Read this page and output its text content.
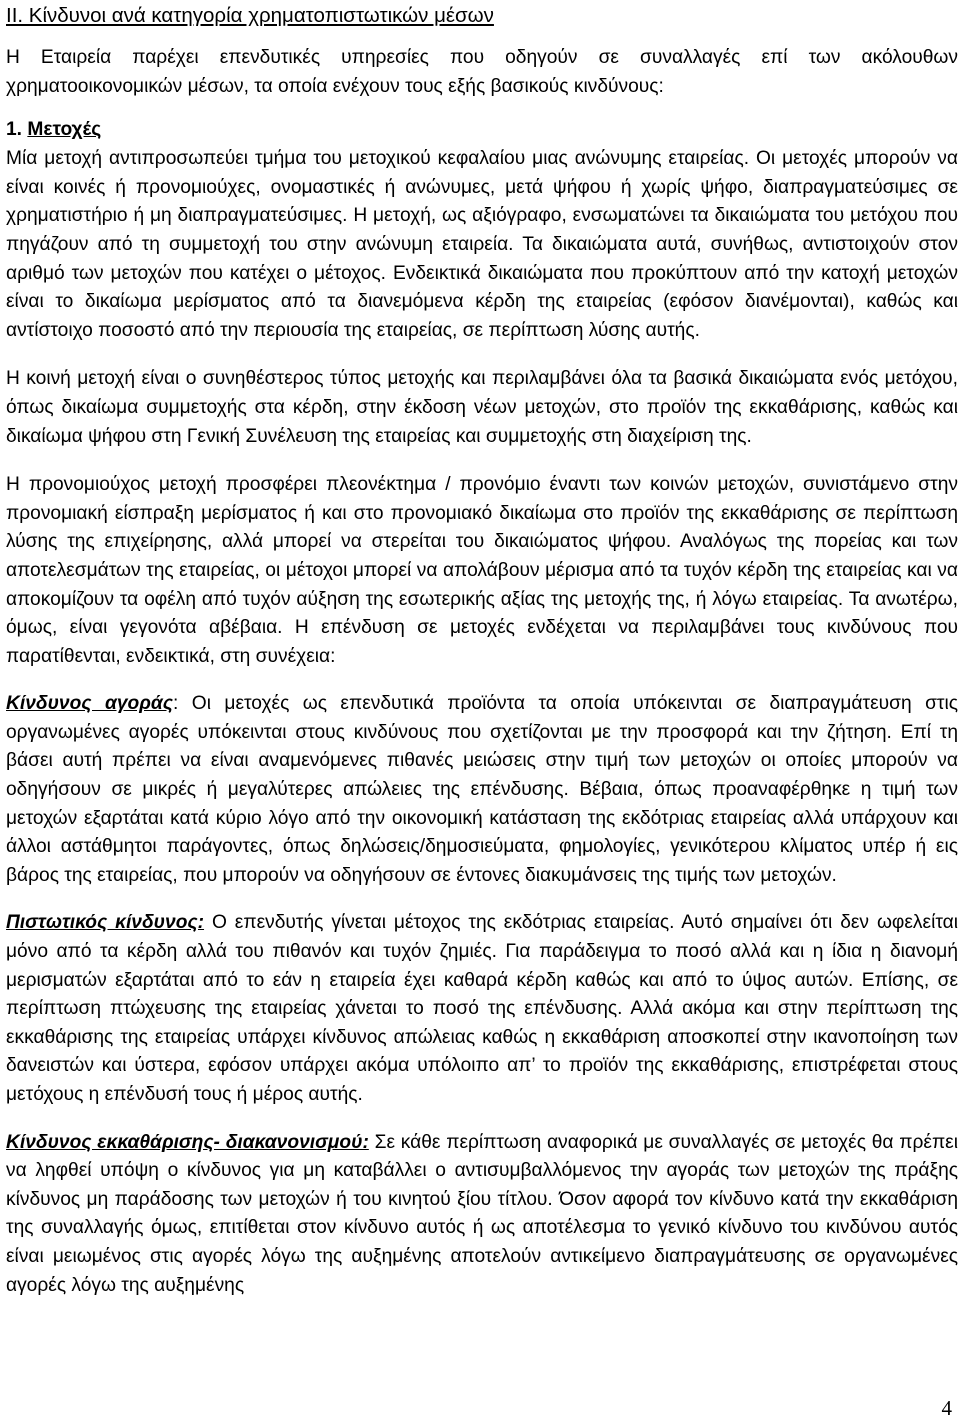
ΙΙ. Κίνδυνοι ανά κατηγορία χρηματοπιστωτικών μέσων

Η Εταιρεία παρέχει επενδυτικές υπηρεσίες που οδηγούν σε συναλλαγές επί των ακόλουθων χρηματοοικονομικών μέσων, τα οποία ενέχουν τους εξής βασικούς κινδύνους:

1. Μετοχές

Μία μετοχή αντιπροσωπεύει τμήμα του μετοχικού κεφαλαίου μιας ανώνυμης εταιρείας. Οι μετοχές μπορούν να είναι κοινές ή προνομιούχες, ονομαστικές ή ανώνυμες, μετά ψήφου ή χωρίς ψήφο, διαπραγματεύσιμες σε χρηματιστήριο ή μη διαπραγματεύσιμες. Η μετοχή, ως αξιόγραφο, ενσωματώνει τα δικαιώματα του μετόχου που πηγάζουν από τη συμμετοχή του στην ανώνυμη εταιρεία. Τα δικαιώματα αυτά, συνήθως, αντιστοιχούν στον αριθμό των μετοχών που κατέχει ο μέτοχος. Ενδεικτικά δικαιώματα που προκύπτουν από την κατοχή μετοχών είναι το δικαίωμα μερίσματος από τα διανεμόμενα κέρδη της εταιρείας (εφόσον διανέμονται), καθώς και αντίστοιχο ποσοστό από την περιουσία της εταιρείας, σε περίπτωση λύσης αυτής.

Η κοινή μετοχή είναι ο συνηθέστερος τύπος μετοχής και περιλαμβάνει όλα τα βασικά δικαιώματα ενός μετόχου, όπως δικαίωμα συμμετοχής στα κέρδη, στην έκδοση νέων μετοχών, στο προϊόν της εκκαθάρισης, καθώς και δικαίωμα ψήφου στη Γενική Συνέλευση της εταιρείας και συμμετοχής στη διαχείριση της.

Η προνομιούχος μετοχή προσφέρει πλεονέκτημα / προνόμιο έναντι των κοινών μετοχών, συνιστάμενο στην προνομιακή είσπραξη μερίσματος ή και στο προνομιακό δικαίωμα στο προϊόν της εκκαθάρισης σε περίπτωση λύσης της επιχείρησης, αλλά μπορεί να στερείται του δικαιώματος ψήφου. Αναλόγως της πορείας και των αποτελεσμάτων της εταιρείας, οι μέτοχοι μπορεί να απολάβουν μέρισμα από τα τυχόν κέρδη της εταιρείας και να αποκομίζουν τα οφέλη από τυχόν αύξηση της εσωτερικής αξίας της μετοχής της, ή λόγω εταιρείας. Τα ανωτέρω, όμως, είναι γεγονότα αβέβαια. Η επένδυση σε μετοχές ενδέχεται να περιλαμβάνει τους κινδύνους που παρατίθενται, ενδεικτικά, στη συνέχεια:

Κίνδυνος αγοράς: Οι μετοχές ως επενδυτικά προϊόντα τα οποία υπόκεινται σε διαπραγμάτευση στις οργανωμένες αγορές υπόκεινται στους κινδύνους που σχετίζονται με την προσφορά και την ζήτηση. Επί τη βάσει αυτή πρέπει να είναι αναμενόμενες πιθανές μειώσεις στην τιμή των μετοχών οι οποίες μπορούν να οδηγήσουν σε μικρές ή μεγαλύτερες απώλειες της επένδυσης. Βέβαια, όπως προαναφέρθηκε η τιμή των μετοχών εξαρτάται κατά κύριο λόγο από την οικονομική κατάσταση της εκδότριας εταιρείας αλλά υπάρχουν και άλλοι αστάθμητοι παράγοντες, όπως δηλώσεις/δημοσιεύματα, φημολογίες, γενικότερου κλίματος υπέρ ή εις βάρος της εταιρείας, που μπορούν να οδηγήσουν σε έντονες διακυμάνσεις της τιμής των μετοχών.

Πιστωτικός κίνδυνος: Ο επενδυτής γίνεται μέτοχος της εκδότριας εταιρείας. Αυτό σημαίνει ότι δεν ωφελείται μόνο από τα κέρδη αλλά του πιθανόν και τυχόν ζημιές. Για παράδειγμα το ποσό αλλά και η ίδια η διανομή μερισματών εξαρτάται από το εάν η εταιρεία έχει καθαρά κέρδη καθώς και από το ύψος αυτών. Επίσης, σε περίπτωση πτώχευσης της εταιρείας χάνεται το ποσό της επένδυσης. Αλλά ακόμα και στην περίπτωση της εκκαθάρισης της εταιρείας υπάρχει κίνδυνος απώλειας καθώς η εκκαθάριση αποσκοπεί στην ικανοποίηση των δανειστών και ύστερα, εφόσον υπάρχει ακόμα υπόλοιπο απ’ το προϊόν της εκκαθάρισης, επιστρέφεται στους μετόχους η επένδυσή τους ή μέρος αυτής.

Κίνδυνος εκκαθάρισης- διακανονισμού: Σε κάθε περίπτωση αναφορικά με συναλλαγές σε μετοχές θα πρέπει να ληφθεί υπόψη ο κίνδυνος για μη καταβάλλει ο αντισυμβαλλόμενος την αγοράς των μετοχών της πράξης κίνδυνος μη παράδοσης των μετοχών ή του κινητού ξίου τίτλου. Όσον αφορά τον κίνδυνο κατά την εκκαθάριση της συναλλαγής όμως, επιτίθεται στον κίνδυνο αυτός ή ως αποτέλεσμα το γενικό κίνδυνο του κινδύνου αυτός είναι μειωμένος στις αγορές λόγω της αυξημένης αποτελούν αντικείμενο διαπραγμάτευσης σε οργανωμένες αγορές λόγω της αυξημένης

4
